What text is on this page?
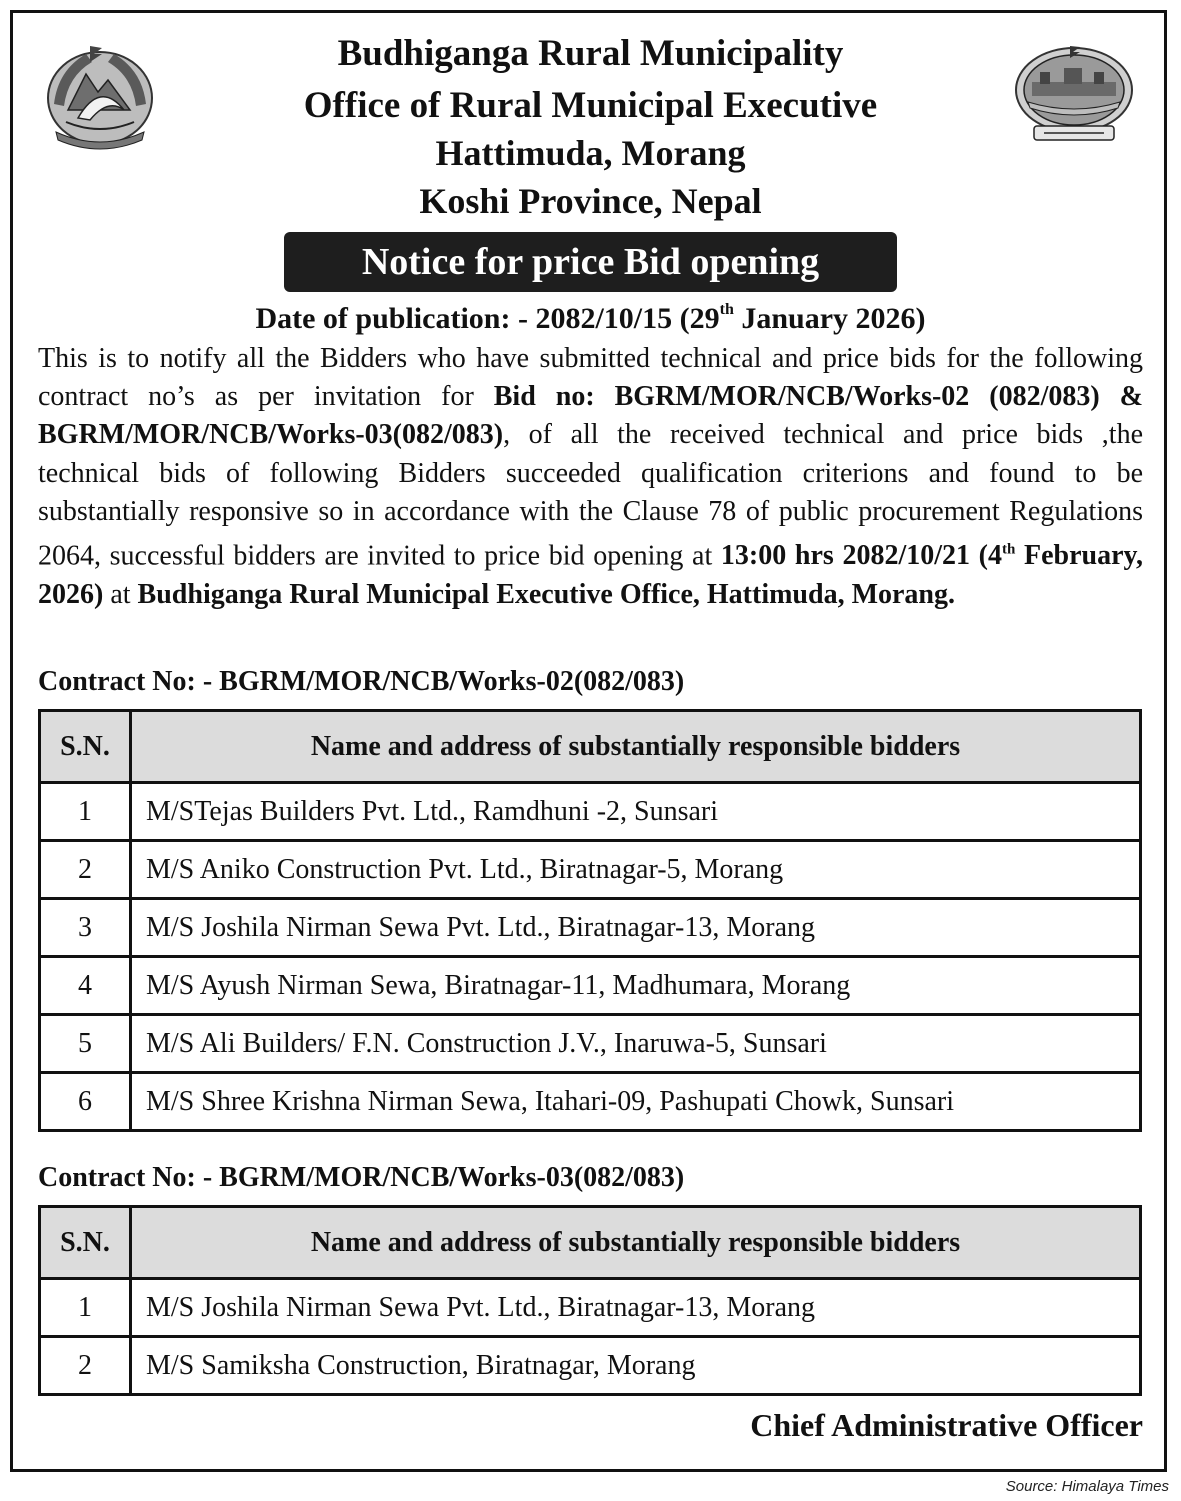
Budhiganga Rural Municipality
Office of Rural Municipal Executive
Hattimuda, Morang
Koshi Province, Nepal
Notice for price Bid opening
Date of publication: - 2082/10/15 (29th January 2026)
This is to notify all the Bidders who have submitted technical and price bids for the following contract no’s as per invitation for Bid no: BGRM/MOR/NCB/Works-02 (082/083) & BGRM/MOR/NCB/Works-03(082/083), of all the received technical and price bids ,the technical bids of following Bidders succeeded qualification criterions and found to be substantially responsive so in accordance with the Clause 78 of public procurement Regulations 2064, successful bidders are invited to price bid opening at 13:00 hrs 2082/10/21 (4th February, 2026) at Budhiganga Rural Municipal Executive Office, Hattimuda, Morang.
Contract No: - BGRM/MOR/NCB/Works-02(082/083)
S.N.	Name and address of substantially responsible bidders
1	M/STejas Builders Pvt. Ltd., Ramdhuni -2, Sunsari
2	M/S Aniko Construction Pvt. Ltd., Biratnagar-5, Morang
3	M/S Joshila Nirman Sewa Pvt. Ltd., Biratnagar-13, Morang
4	M/S Ayush Nirman Sewa, Biratnagar-11, Madhumara, Morang
5	M/S Ali Builders/ F.N. Construction J.V., Inaruwa-5, Sunsari
6	M/S Shree Krishna Nirman Sewa, Itahari-09, Pashupati Chowk, Sunsari
Contract No: - BGRM/MOR/NCB/Works-03(082/083)
S.N.	Name and address of substantially responsible bidders
1	M/S Joshila Nirman Sewa Pvt. Ltd., Biratnagar-13, Morang
2	M/S Samiksha Construction, Biratnagar, Morang
Chief Administrative Officer
Source: Himalaya Times
